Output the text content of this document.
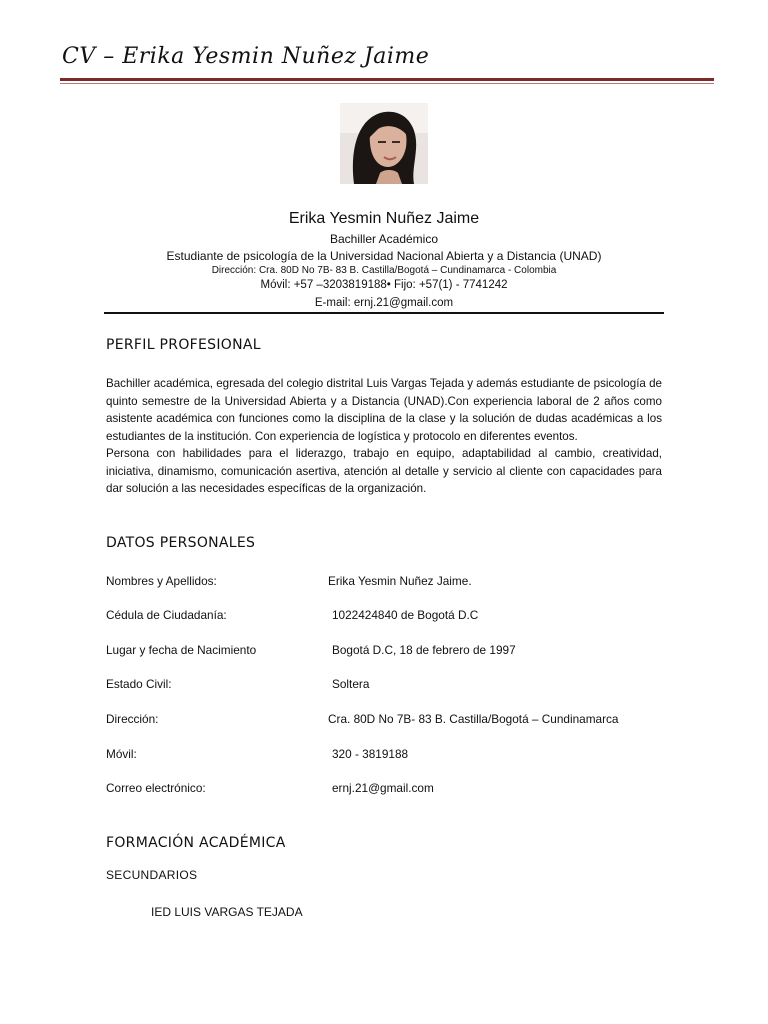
CV – Erika Yesmin Nuñez Jaime
Erika Yesmin Nuñez Jaime
Bachiller Académico
Estudiante de psicología de la Universidad Nacional Abierta y a Distancia (UNAD)
Dirección: Cra. 80D No 7B- 83 B. Castilla/Bogotá – Cundinamarca - Colombia
Móvil: +57 –3203819188• Fijo: +57(1) - 7741242
E-mail: ernj.21@gmail.com
PERFIL PROFESIONAL

Bachiller académica, egresada del colegio distrital Luis Vargas Tejada y además estudiante de psicología de quinto semestre de la Universidad Abierta y a Distancia (UNAD).Con experiencia laboral de 2 años como asistente académica con funciones como la disciplina de la clase y la solución de dudas académicas a los estudiantes de la institución. Con experiencia de logística y protocolo en diferentes eventos.

Persona con habilidades para el liderazgo, trabajo en equipo, adaptabilidad al cambio, creatividad, iniciativa, dinamismo, comunicación asertiva, atención al detalle y servicio al cliente con capacidades para dar solución a las necesidades específicas de la organización.

DATOS PERSONALES
Nombres y Apellidos:	Erika Yesmin Nuñez Jaime.
Cédula de Ciudadanía:	1022424840 de Bogotá D.C
Lugar y fecha de Nacimiento	Bogotá D.C, 18 de febrero de 1997
Estado Civil:	Soltera
Dirección:	Cra. 80D No 7B- 83 B. Castilla/Bogotá – Cundinamarca
Móvil:	320 - 3819188
Correo electrónico:	ernj.21@gmail.com
FORMACIÓN ACADÉMICA
SECUNDARIOS
IED LUIS VARGAS TEJADA
